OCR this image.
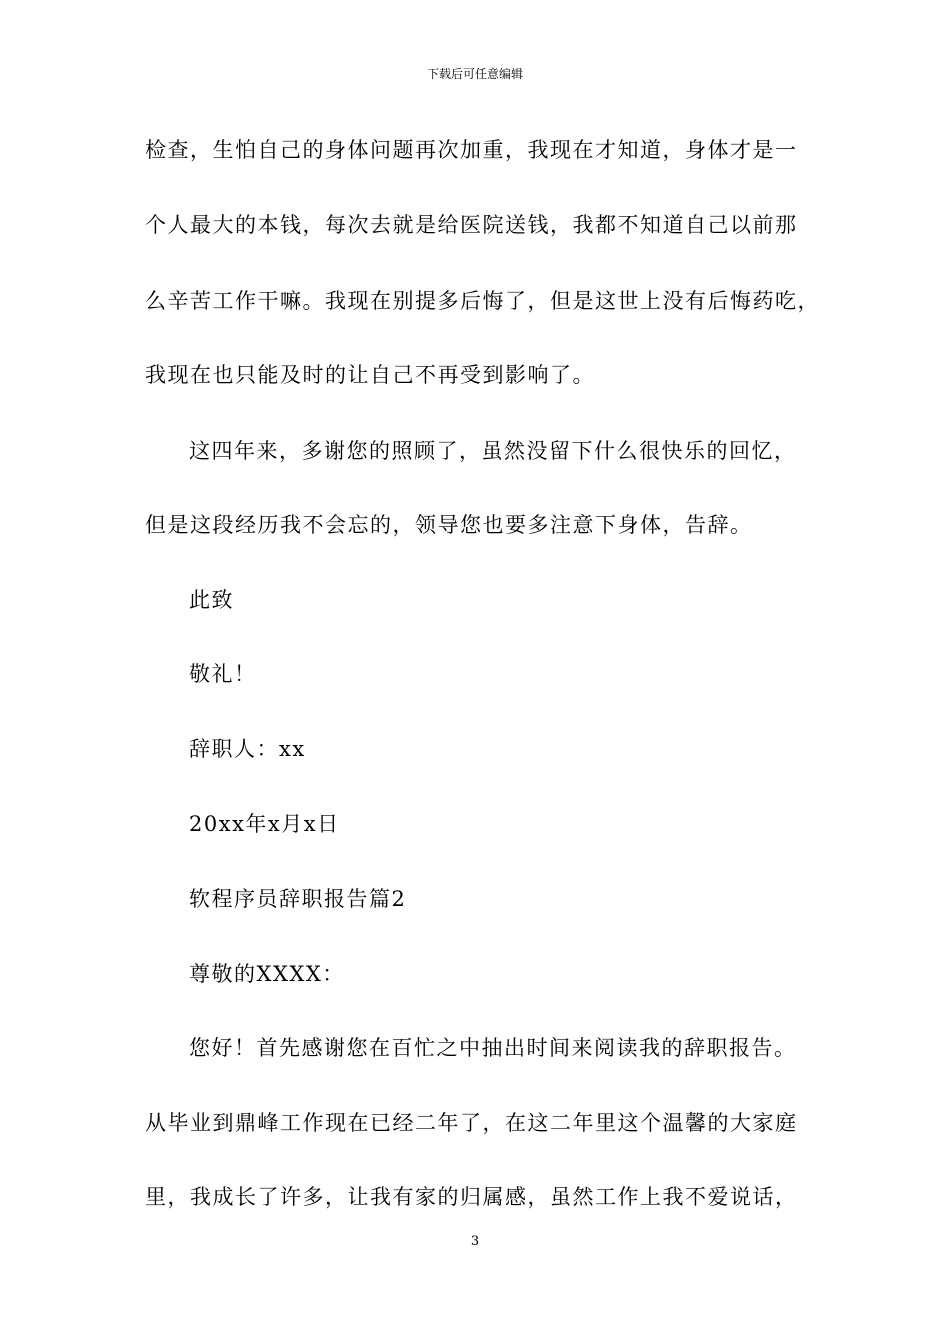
下载后可任意编辑
检查，生怕自己的身体问题再次加重，我现在才知道，身体才是一
个人最大的本钱，每次去就是给医院送钱，我都不知道自己以前那
么辛苦工作干嘛。我现在别提多后悔了，但是这世上没有后悔药吃，
我现在也只能及时的让自己不再受到影响了。
这四年来，多谢您的照顾了，虽然没留下什么很快乐的回忆，
但是这段经历我不会忘的，领导您也要多注意下身体，告辞。
此致
敬礼！
辞职人：xx
20xx年x月x日
软程序员辞职报告篇2
尊敬的XXXX：
您好！首先感谢您在百忙之中抽出时间来阅读我的辞职报告。
从毕业到鼎峰工作现在已经二年了，在这二年里这个温馨的大家庭
里，我成长了许多，让我有家的归属感，虽然工作上我不爱说话，
3
